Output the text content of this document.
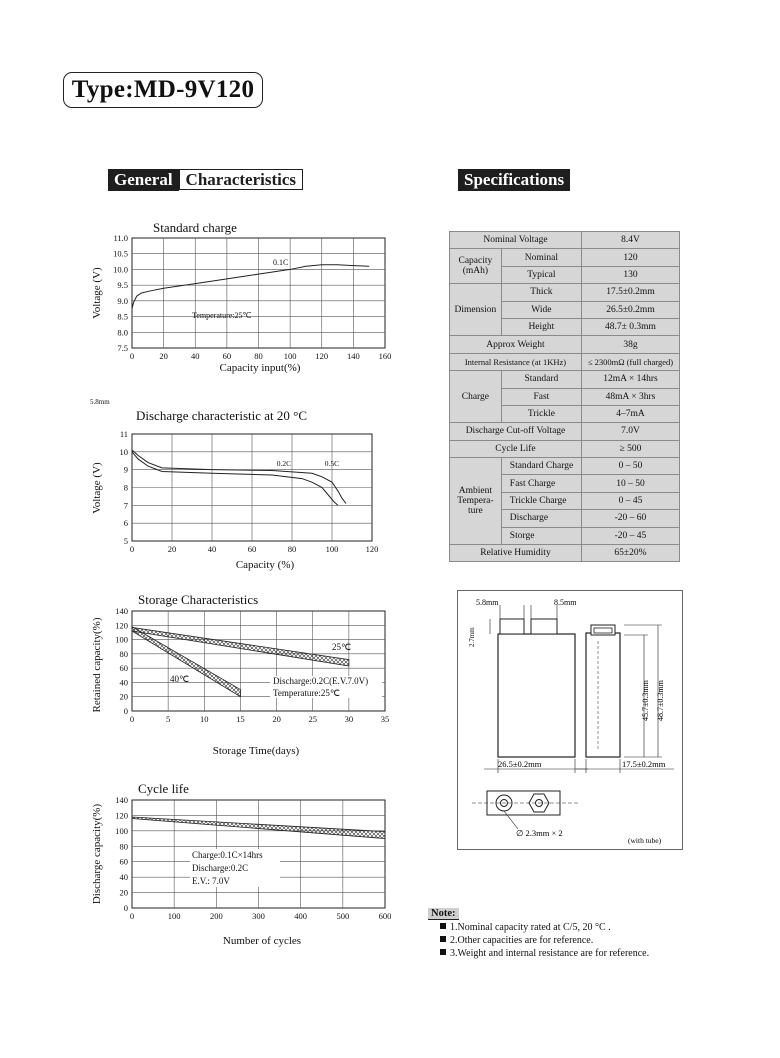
Type:MD-9V120
General Characteristics	Specifications
0	20	40	60	80 100 120 140 160
11.0
10.5
10.0
9.5
9.0
8.5
8.0
7.5
Standard charge
Capacity input(%)
Voltage (V)
0.1C
Temperature:25℃
0	20	40	60	80	100	120
11
10
9
8
7
6
5
Discharge characteristic at 20 °C
Capacity (%)
Voltage (V)	0.2C	0.5C
5.8mm
0	5	10	15	20	25	30	35
140
120
100
80
60
40
20
0
Storage Characteristics
Storage Time(days)
Retained capacity(%)	25℃
40℃	Discharge:0.2C(E.V.7.0V)
Temperature:25℃
0	100	200	300	400	500	600
140
120
100
80
60
40
20
0
Cycle life
Number of cycles
Discharge capacity(%)	Charge:0.1C×14hrs
Discharge:0.2C
E.V.: 7.0V
Nominal Voltage		8.4V
Capacity
(mAh)	Nominal	120
	Typical	130
Dimension	Thick	17.5±0.2mm
	Wide	26.5±0.2mm
	Height	48.7± 0.3mm
Approx Weight		38g
Internal Resistance (at 1KHz)		≤ 2300mΩ (full charged)
Charge	Standard	12mA × 14hrs
	Fast	48mA × 3hrs
	Trickle	4–7mA
Discharge Cut-off Voltage		7.0V
Cycle Life		≥ 500
Ambient
Tempera-
ture	Standard Charge	0 – 50
	Fast Charge	10 – 50
	Trickle Charge	0 – 45
	Discharge	-20 – 60
	Storge	-20 – 45
Relative Humidity		65±20%
5.8mm	8.5mm
2.7mm
26.5±0.2mm	17.5±0.2mm
45.7±0.3mm 48.7±0.3mm
∅ 2.3mm × 2
(with tube)
Note:
1.Nominal capacity rated at C/5, 20 °C .
2.Other capacities are for reference.
3.Weight and internal resistance are for reference.
